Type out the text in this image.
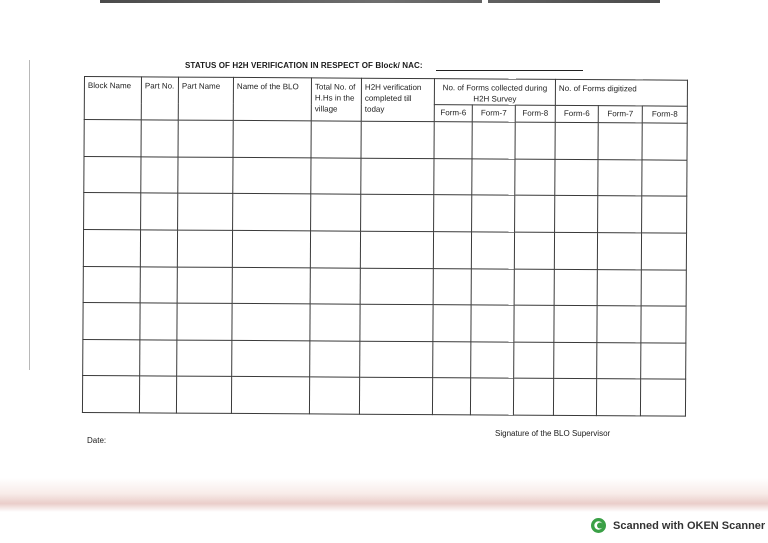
STATUS OF H2H VERIFICATION IN RESPECT OF Block/ NAC:
Block Name	Part No.	Part Name	Name of the BLO	Total No. of H.Hs in the village	H2H verification completed till today	No. of Forms collected during H2H Survey			No. of Forms digitized		
						Form-6	Form-7	Form-8	Form-6	Form-7	Form-8

Date:
Signature of the BLO Supervisor
Scanned with OKEN Scanner
